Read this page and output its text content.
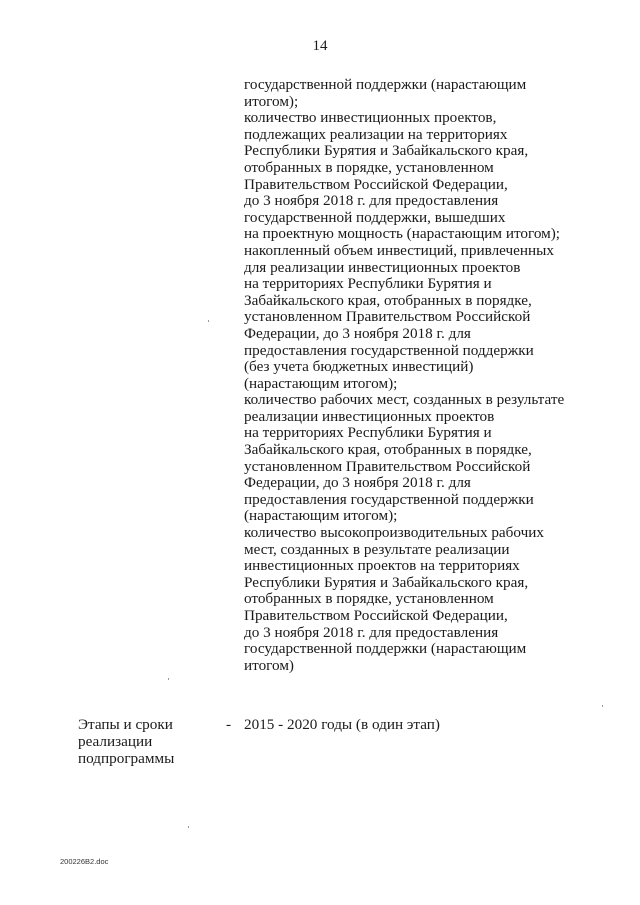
14
государственной поддержки (нарастающим
итогом);
количество инвестиционных проектов,
подлежащих реализации на территориях
Республики Бурятия и Забайкальского края,
отобранных в порядке, установленном
Правительством Российской Федерации,
до 3 ноября 2018 г. для предоставления
государственной поддержки, вышедших
на проектную мощность (нарастающим итогом);
накопленный объем инвестиций, привлеченных
для реализации инвестиционных проектов
на территориях Республики Бурятия и
Забайкальского края, отобранных в порядке,
установленном Правительством Российской
Федерации, до 3 ноября 2018 г. для
предоставления государственной поддержки
(без учета бюджетных инвестиций)
(нарастающим итогом);
количество рабочих мест, созданных в результате
реализации инвестиционных проектов
на территориях Республики Бурятия и
Забайкальского края, отобранных в порядке,
установленном Правительством Российской
Федерации, до 3 ноября 2018 г. для
предоставления государственной поддержки
(нарастающим итогом);
количество высокопроизводительных рабочих
мест, созданных в результате реализации
инвестиционных проектов на территориях
Республики Бурятия и Забайкальского края,
отобранных в порядке, установленном
Правительством Российской Федерации,
до 3 ноября 2018 г. для предоставления
государственной поддержки (нарастающим
итогом)
Этапы и сроки
реализации
подпрограммы
- 2015 - 2020 годы (в один этап)
200226В2.doc
